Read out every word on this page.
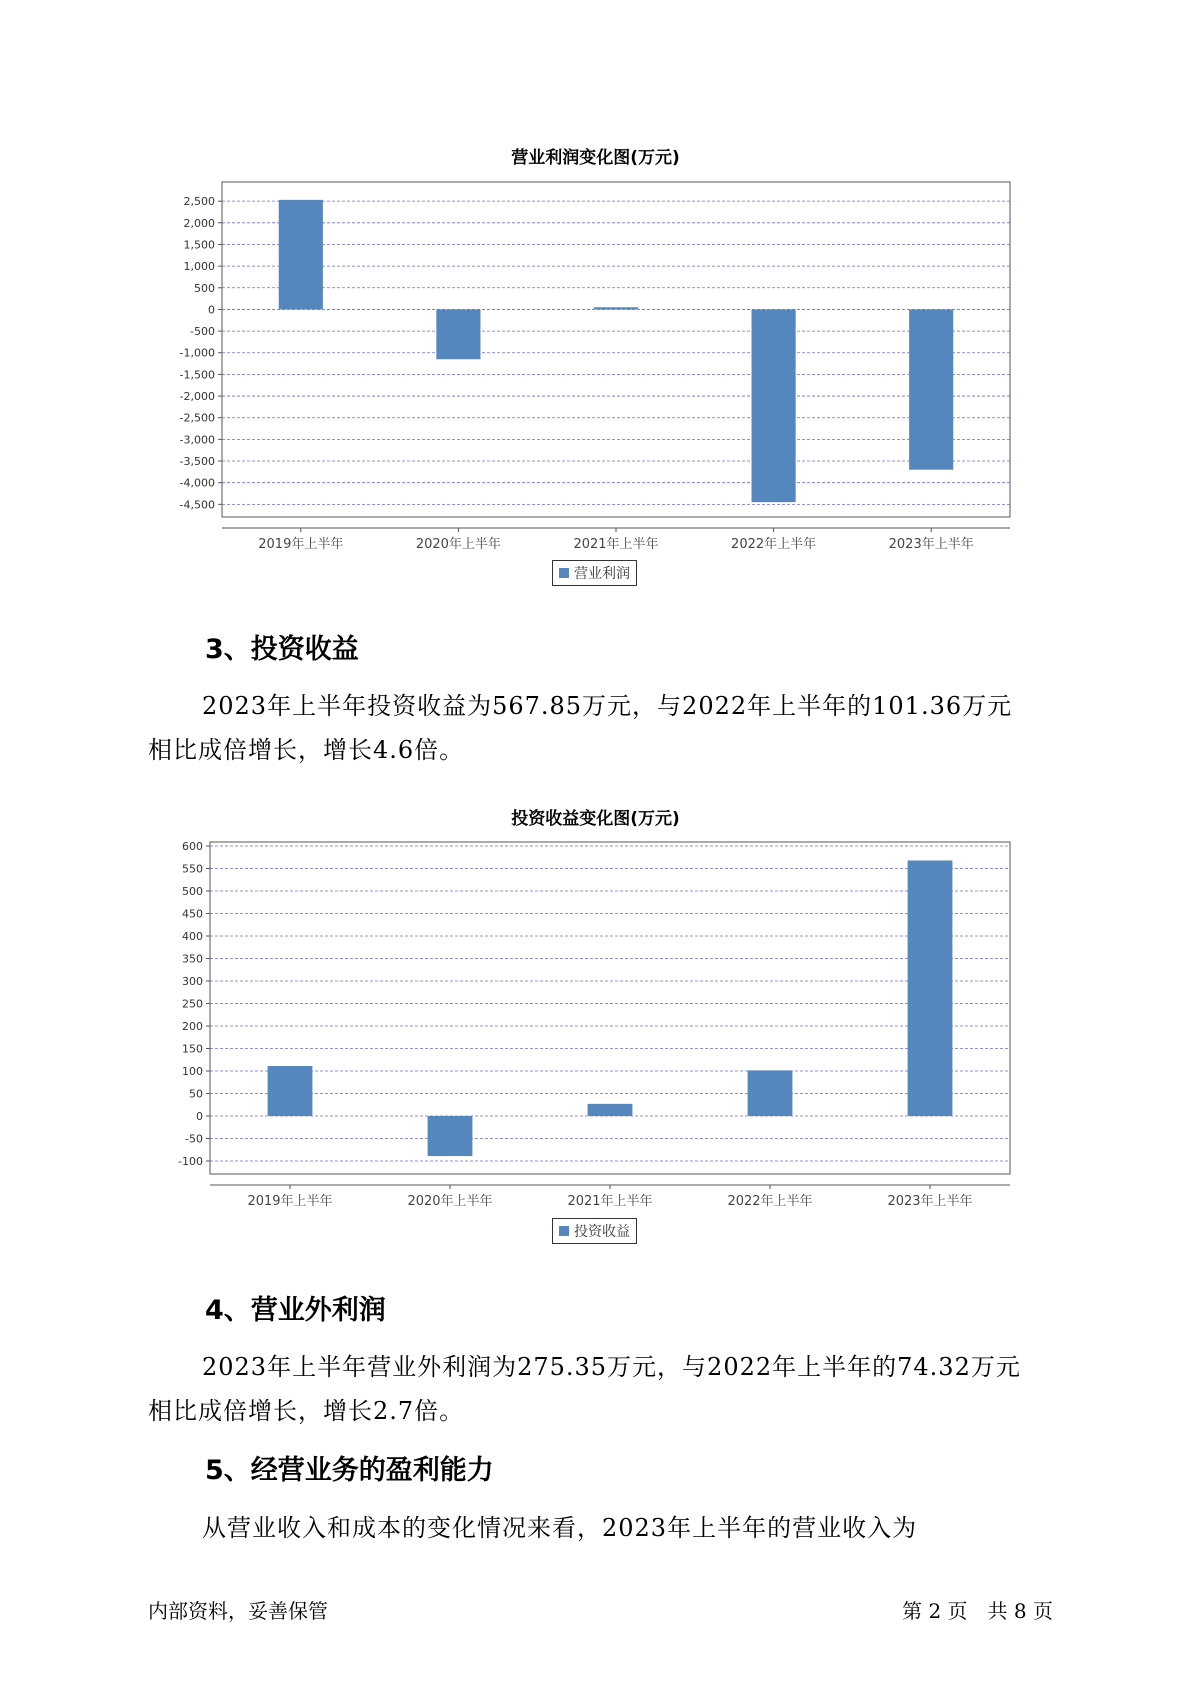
营业利润变化图(万元)
2,500
2,000
1,500
1,000
500
0
-500
-1,000
-1,500
-2,000
-2,500
-3,000
-3,500
-4,000
-4,500
2019年上半年	2020年上半年	2021年上半年	2022年上半年	2023年上半年
营业利润
3、投资收益
2023年上半年投资收益为567.85万元，与2022年上半年的101.36万元
相比成倍增长，增长4.6倍。
投资收益变化图(万元)
600
550
500
450
400
350
300
250
200
150
100
50
0
-50
-100
2019年上半年	2020年上半年	2021年上半年	2022年上半年	2023年上半年
投资收益
4、营业外利润
2023年上半年营业外利润为275.35万元，与2022年上半年的74.32万元
相比成倍增长，增长2.7倍。
5、经营业务的盈利能力
从营业收入和成本的变化情况来看，2023年上半年的营业收入为
内部资料，妥善保管	第 2 页　共 8 页
